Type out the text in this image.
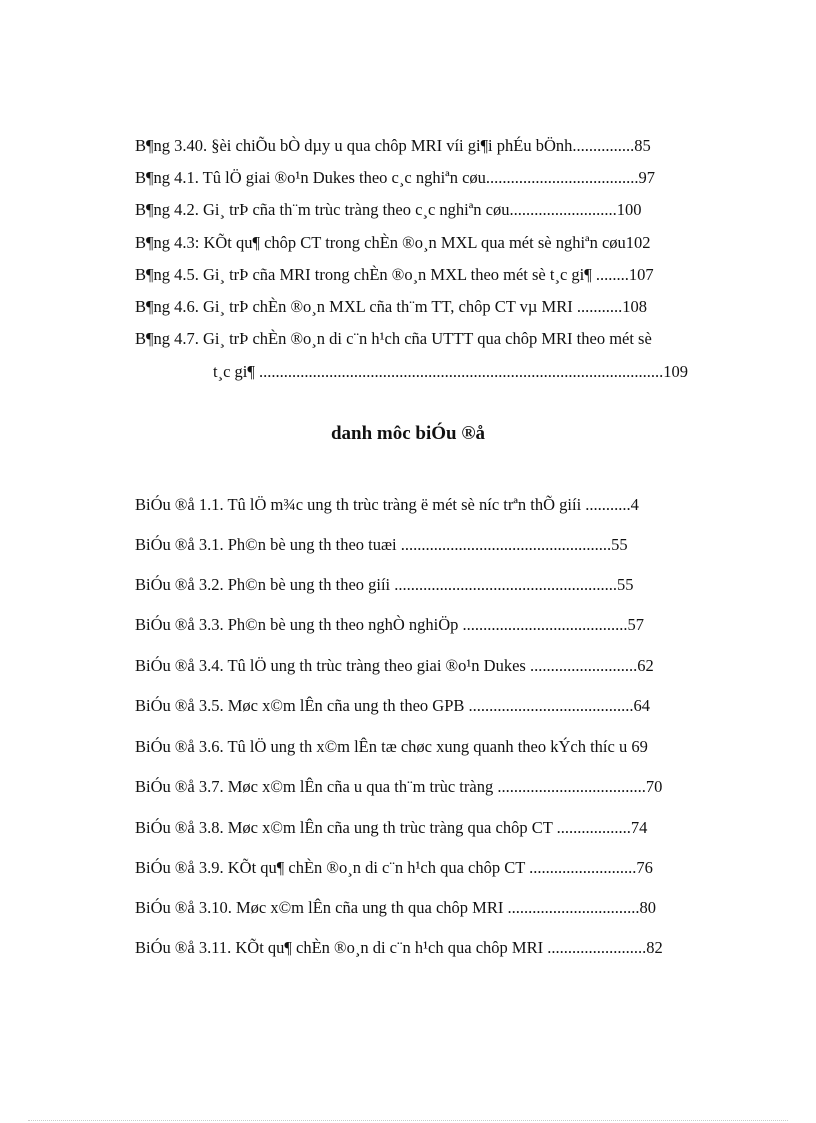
B¶ng 3.40. §èi chiÕu bÒ dµy u qua chôp MRI víi gi¶i phÉu bÖnh...............85
B¶ng 4.1. Tû lÖ giai ®o¹n Dukes theo c¸c nghiªn cøu.....................................97
B¶ng 4.2. Gi¸ trÞ cña th¨m trùc tràng theo c¸c nghiªn cøu..........................100
B¶ng 4.3: KÕt qu¶ chôp CT trong chÈn ®o¸n MXL qua mét sè nghiªn cøu102
B¶ng 4.5. Gi¸ trÞ cña MRI trong chÈn ®o¸n MXL theo mét sè t¸c gi¶ ........107
B¶ng 4.6. Gi¸ trÞ chÈn ®o¸n MXL cña th¨m TT, chôp CT vµ MRI ...........108
B¶ng 4.7. Gi¸ trÞ chÈn ®o¸n di c¨n h¹ch cña UTTT qua chôp MRI theo mét sè
t¸c gi¶ ..................................................................................................109
danh môc biÓu ®å
BiÓu ®å 1.1. Tû lÖ m¾c ung th trùc tràng ë mét sè níc trªn thÕ giíi ...........4
BiÓu ®å 3.1. Ph©n bè ung th theo tuæi ...................................................55
BiÓu ®å 3.2. Ph©n bè ung th theo giíi ......................................................55
BiÓu ®å 3.3. Ph©n bè ung th theo nghÒ nghiÖp ........................................57
BiÓu ®å 3.4. Tû lÖ ung th trùc tràng theo giai ®o¹n Dukes ..........................62
BiÓu ®å 3.5. Møc x©m lÊn cña ung th theo GPB ........................................64
BiÓu ®å 3.6. Tû lÖ ung th x©m lÊn tæ chøc xung quanh theo kÝch thíc u 69
BiÓu ®å 3.7. Møc x©m lÊn cña u qua th¨m trùc tràng ....................................70
BiÓu ®å 3.8. Møc x©m lÊn cña ung th trùc tràng qua chôp CT ..................74
BiÓu ®å 3.9. KÕt qu¶ chÈn ®o¸n di c¨n h¹ch qua chôp CT ..........................76
BiÓu ®å 3.10. Møc x©m lÊn cña ung th qua chôp MRI ................................80
BiÓu ®å 3.11. KÕt qu¶ chÈn ®o¸n di c¨n h¹ch qua chôp MRI ........................82
